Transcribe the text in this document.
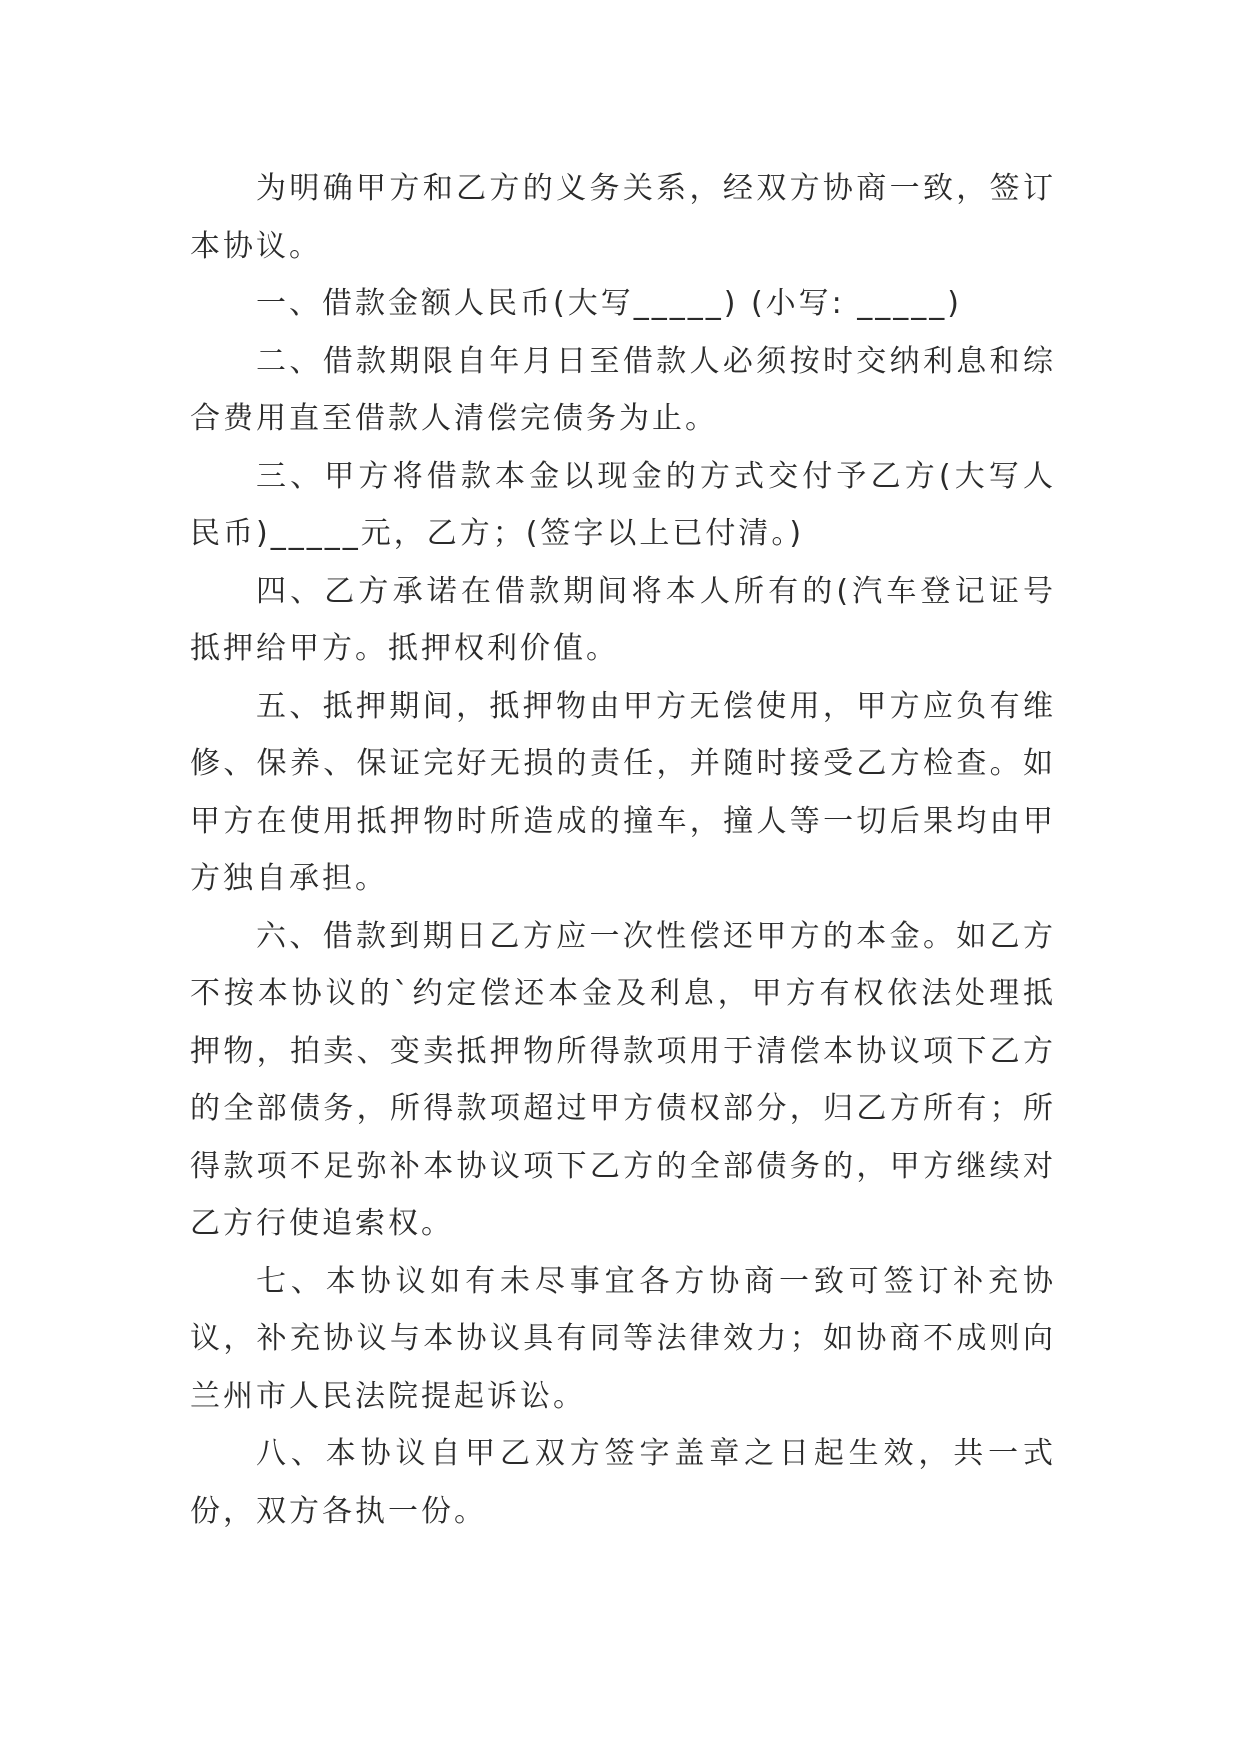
为明确甲方和乙方的义务关系，经双方协商一致，签订本协议。

一、借款金额人民币(大写_____) (小写: _____)

二、借款期限自年月日至借款人必须按时交纳利息和综合费用直至借款人清偿完债务为止。

三、甲方将借款本金以现金的方式交付予乙方(大写人民币)_____元，乙方；(签字以上已付清。)

四、乙方承诺在借款期间将本人所有的(汽车登记证号抵押给甲方。抵押权利价值。

五、抵押期间，抵押物由甲方无偿使用，甲方应负有维修、保养、保证完好无损的责任，并随时接受乙方检查。如甲方在使用抵押物时所造成的撞车，撞人等一切后果均由甲方独自承担。

六、借款到期日乙方应一次性偿还甲方的本金。如乙方不按本协议的`约定偿还本金及利息，甲方有权依法处理抵押物，拍卖、变卖抵押物所得款项用于清偿本协议项下乙方的全部债务，所得款项超过甲方债权部分，归乙方所有；所得款项不足弥补本协议项下乙方的全部债务的，甲方继续对乙方行使追索权。

七、本协议如有未尽事宜各方协商一致可签订补充协议，补充协议与本协议具有同等法律效力；如协商不成则向兰州市人民法院提起诉讼。

八、本协议自甲乙双方签字盖章之日起生效，共一式份，双方各执一份。
